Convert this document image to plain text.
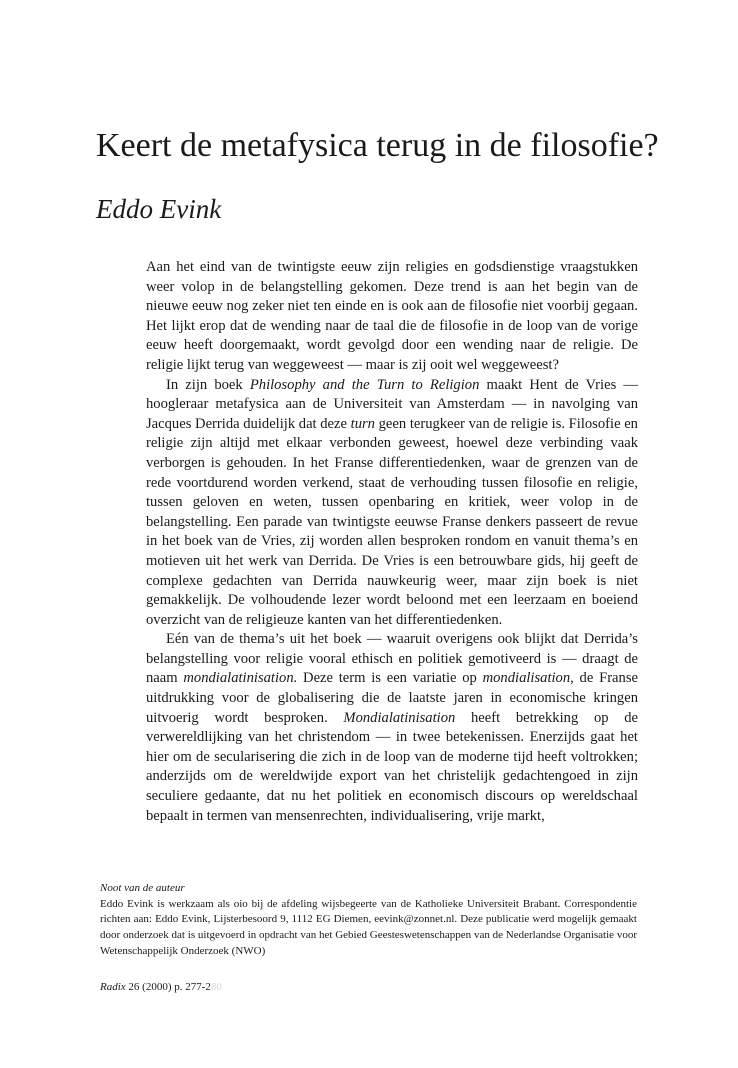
Keert de metafysica terug in de filosofie?
Eddo Evink

Aan het eind van de twintigste eeuw zijn religies en godsdienstige vraagstukken weer volop in de belangstelling gekomen. Deze trend is aan het begin van de nieuwe eeuw nog zeker niet ten einde en is ook aan de filosofie niet voorbij gegaan. Het lijkt erop dat de wending naar de taal die de filosofie in de loop van de vorige eeuw heeft doorgemaakt, wordt gevolgd door een wending naar de religie. De religie lijkt terug van weggeweest — maar is zij ooit wel weggeweest?

In zijn boek Philosophy and the Turn to Religion maakt Hent de Vries — hoogleraar metafysica aan de Universiteit van Amsterdam — in navolging van Jacques Derrida duidelijk dat deze turn geen terugkeer van de religie is. Filosofie en religie zijn altijd met elkaar verbonden geweest, hoewel deze verbinding vaak verborgen is gehouden. In het Franse differentiedenken, waar de grenzen van de rede voortdurend worden verkend, staat de verhouding tussen filosofie en religie, tussen geloven en weten, tussen openbaring en kritiek, weer volop in de belangstelling. Een parade van twintigste eeuwse Franse denkers passeert de revue in het boek van de Vries, zij worden allen besproken rondom en vanuit thema’s en motieven uit het werk van Derrida. De Vries is een betrouwbare gids, hij geeft de complexe gedachten van Derrida nauwkeurig weer, maar zijn boek is niet gemakkelijk. De volhoudende lezer wordt beloond met een leerzaam en boeiend overzicht van de religieuze kanten van het differentiedenken.

Eén van de thema’s uit het boek — waaruit overigens ook blijkt dat Derrida’s belangstelling voor religie vooral ethisch en politiek gemotiveerd is — draagt de naam mondialatinisation. Deze term is een variatie op mondialisation, de Franse uitdrukking voor de globalisering die de laatste jaren in economische kringen uitvoerig wordt besproken. Mondialatinisation heeft betrekking op de verwereldlijking van het christendom — in twee betekenissen. Enerzijds gaat het hier om de secularisering die zich in de loop van de moderne tijd heeft voltrokken; anderzijds om de wereldwijde export van het christelijk gedachtengoed in zijn seculiere gedaante, dat nu het politiek en economisch discours op wereldschaal bepaalt in termen van mensenrechten, individualisering, vrije markt,

Noot van de auteur

Eddo Evink is werkzaam als oio bij de afdeling wijsbegeerte van de Katholieke Universiteit Brabant. Correspondentie richten aan: Eddo Evink, Lijsterbesoord 9, 1112 EG Diemen, eevink@zonnet.nl. Deze publicatie werd mogelijk gemaakt door onderzoek dat is uitgevoerd in opdracht van het Gebied Geesteswetenschappen van de Nederlandse Organisatie voor Wetenschappelijk Onderzoek (NWO)

Radix 26 (2000) p. 277-280
